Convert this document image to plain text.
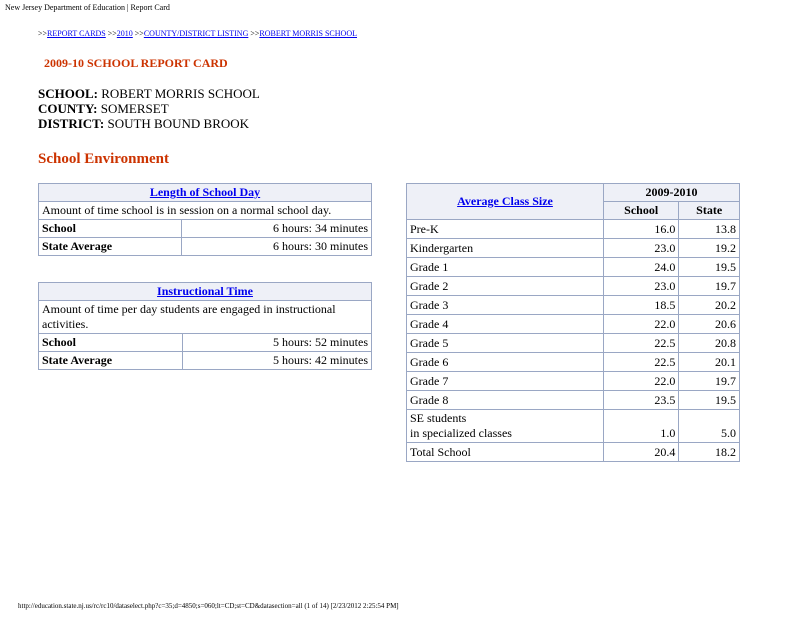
New Jersey Department of Education | Report Card
>>REPORT CARDS >>2010 >>COUNTY/DISTRICT LISTING >>ROBERT MORRIS SCHOOL
2009-10 SCHOOL REPORT CARD
SCHOOL: ROBERT MORRIS SCHOOL
COUNTY: SOMERSET
DISTRICT: SOUTH BOUND BROOK
School Environment
Length of School Day	
Amount of time school is in session on a normal school day.	
School	6 hours: 34 minutes
State Average	6 hours: 30 minutes
Instructional Time	
Amount of time per day students are engaged in instructional activities.	
School	5 hours: 52 minutes
State Average	5 hours: 42 minutes
Average Class Size	2009-2010	
	School	State
Pre-K	16.0	13.8
Kindergarten	23.0	19.2
Grade 1	24.0	19.5
Grade 2	23.0	19.7
Grade 3	18.5	20.2
Grade 4	22.0	20.6
Grade 5	22.5	20.8
Grade 6	22.5	20.1
Grade 7	22.0	19.7
Grade 8	23.5	19.5
SE students
in specialized classes	1.0	5.0
Total School	20.4	18.2
http://education.state.nj.us/rc/rc10/dataselect.php?c=35;d=4850;s=060;lt=CD;st=CD&datasection=all (1 of 14) [2/23/2012 2:25:54 PM]
